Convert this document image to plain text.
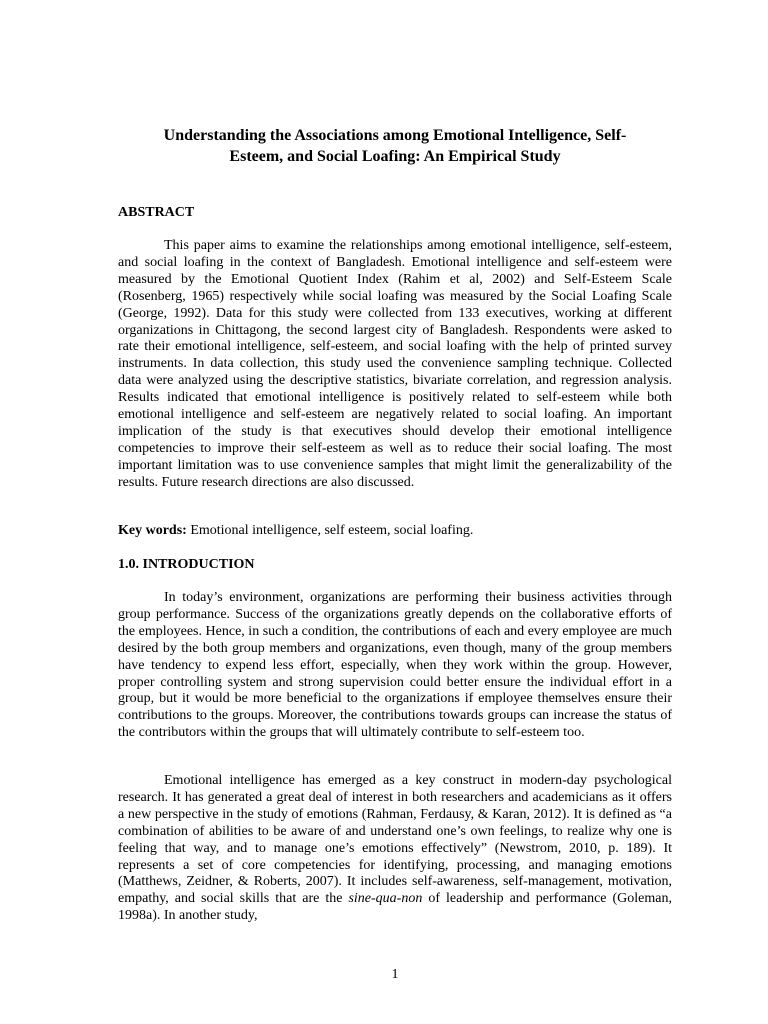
Understanding the Associations among Emotional Intelligence, Self-
Esteem, and Social Loafing: An Empirical Study
ABSTRACT

This paper aims to examine the relationships among emotional intelligence, self-esteem, and social loafing in the context of Bangladesh. Emotional intelligence and self-esteem were measured by the Emotional Quotient Index (Rahim et al, 2002) and Self-Esteem Scale (Rosenberg, 1965) respectively while social loafing was measured by the Social Loafing Scale (George, 1992). Data for this study were collected from 133 executives, working at different organizations in Chittagong, the second largest city of Bangladesh. Respondents were asked to rate their emotional intelligence, self-esteem, and social loafing with the help of printed survey instruments. In data collection, this study used the convenience sampling technique. Collected data were analyzed using the descriptive statistics, bivariate correlation, and regression analysis. Results indicated that emotional intelligence is positively related to self-esteem while both emotional intelligence and self-esteem are negatively related to social loafing. An important implication of the study is that executives should develop their emotional intelligence competencies to improve their self-esteem as well as to reduce their social loafing. The most important limitation was to use convenience samples that might limit the generalizability of the results. Future research directions are also discussed.

Key words: Emotional intelligence, self esteem, social loafing.

1.0. INTRODUCTION

In today’s environment, organizations are performing their business activities through group performance. Success of the organizations greatly depends on the collaborative efforts of the employees. Hence, in such a condition, the contributions of each and every employee are much desired by the both group members and organizations, even though, many of the group members have tendency to expend less effort, especially, when they work within the group. However, proper controlling system and strong supervision could better ensure the individual effort in a group, but it would be more beneficial to the organizations if employee themselves ensure their contributions to the groups. Moreover, the contributions towards groups can increase the status of the contributors within the groups that will ultimately contribute to self-esteem too.

Emotional intelligence has emerged as a key construct in modern-day psychological research. It has generated a great deal of interest in both researchers and academicians as it offers a new perspective in the study of emotions (Rahman, Ferdausy, & Karan, 2012). It is defined as “a combination of abilities to be aware of and understand one’s own feelings, to realize why one is feeling that way, and to manage one’s emotions effectively” (Newstrom, 2010, p. 189). It represents a set of core competencies for identifying, processing, and managing emotions (Matthews, Zeidner, & Roberts, 2007). It includes self-awareness, self-management, motivation, empathy, and social skills that are the sine-qua-non of leadership and performance (Goleman, 1998a). In another study,

1
